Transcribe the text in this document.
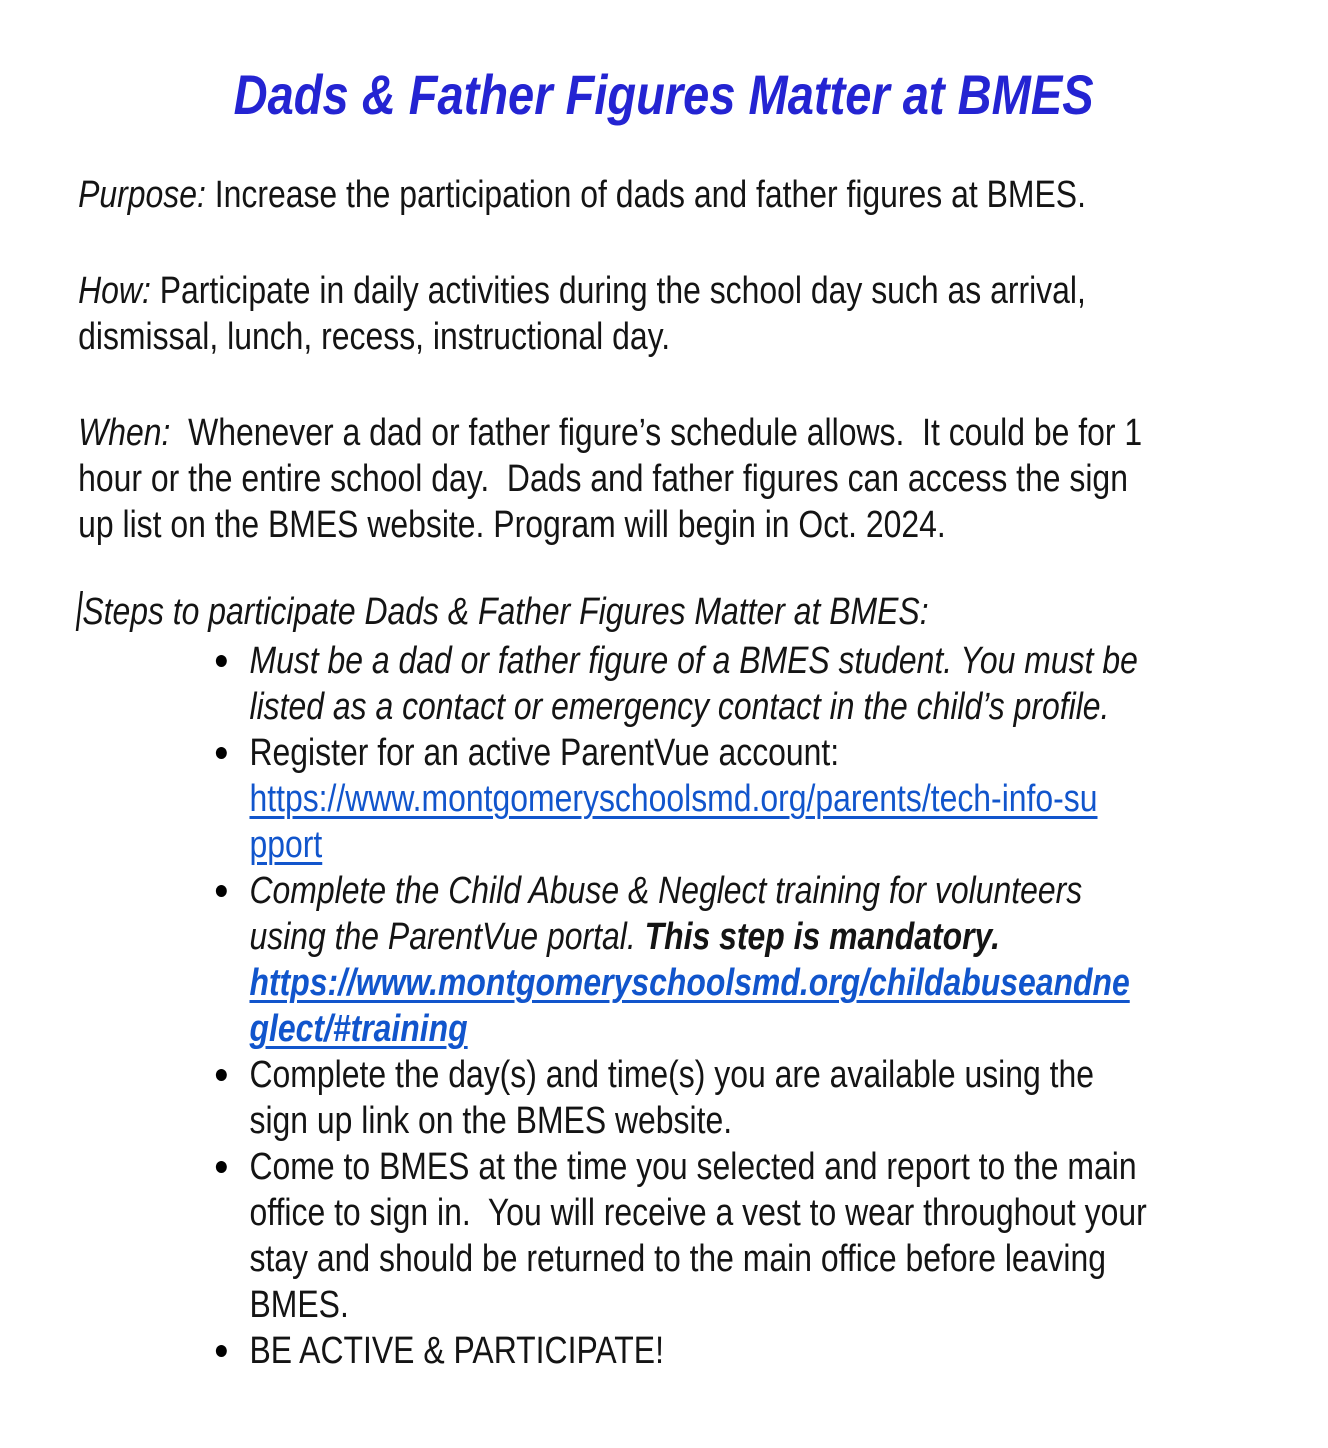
Dads & Father Figures Matter at BMES
Purpose: Increase the participation of dads and father figures at BMES.
How: Participate in daily activities during the school day such as arrival,
dismissal, lunch, recess, instructional day.
When:  Whenever a dad or father figure’s schedule allows.  It could be for 1
hour or the entire school day.  Dads and father figures can access the sign
up list on the BMES website. Program will begin in Oct. 2024.
Steps to participate Dads & Father Figures Matter at BMES:
Must be a dad or father figure of a BMES student. You must be
listed as a contact or emergency contact in the child’s profile.
Register for an active ParentVue account:
https://www.montgomeryschoolsmd.org/parents/tech-info-su
pport
Complete the Child Abuse & Neglect training for volunteers
using the ParentVue portal. This step is mandatory.
https://www.montgomeryschoolsmd.org/childabuseandne
glect/#training
Complete the day(s) and time(s) you are available using the
sign up link on the BMES website.
Come to BMES at the time you selected and report to the main
office to sign in.  You will receive a vest to wear throughout your
stay and should be returned to the main office before leaving
BMES.
BE ACTIVE & PARTICIPATE!
